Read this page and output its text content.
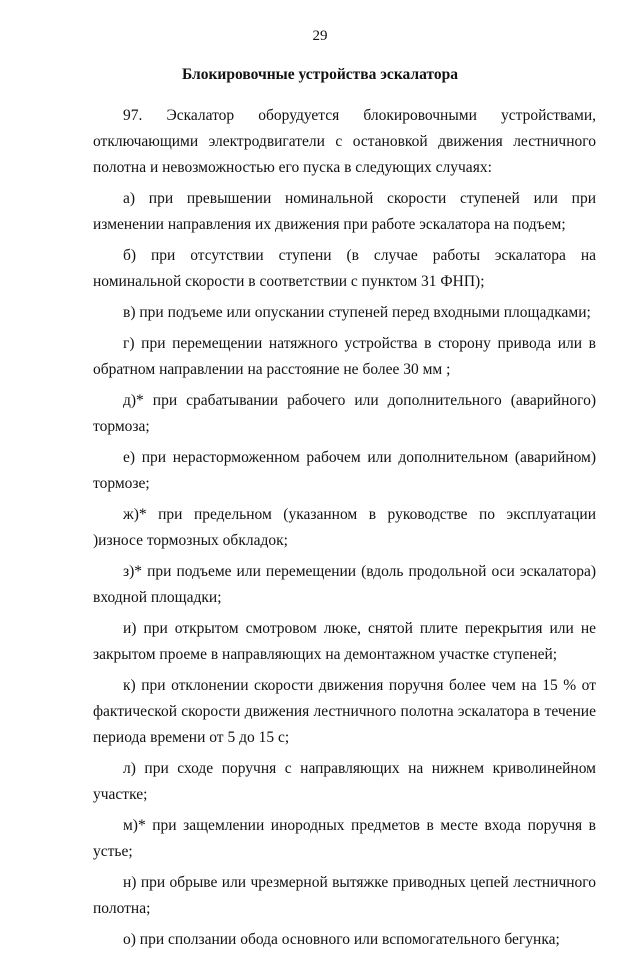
29
Блокировочные устройства эскалатора

97. Эскалатор оборудуется блокировочными устройствами, отключающими электродвигатели с остановкой движения лестничного полотна и невозможностью его пуска в следующих случаях:

а) при превышении номинальной скорости ступеней или при изменении направления их движения при работе эскалатора на подъем;

б) при отсутствии ступени (в случае работы эскалатора на номинальной скорости в соответствии с пунктом 31 ФНП);

в) при подъеме или опускании ступеней перед входными площадками;

г) при перемещении натяжного устройства в сторону привода или в обратном направлении на расстояние не более 30 мм ;

д)* при срабатывании рабочего или дополнительного (аварийного) тормоза;

е) при нерасторможенном рабочем или дополнительном (аварийном) тормозе;

ж)* при предельном (указанном в руководстве по эксплуатации )износе тормозных обкладок;

з)* при подъеме или перемещении (вдоль продольной оси эскалатора) входной площадки;

и) при открытом смотровом люке, снятой плите перекрытия или не закрытом проеме в направляющих на демонтажном участке ступеней;

к) при отклонении скорости движения поручня более чем на 15 % от фактической скорости движения лестничного полотна эскалатора в течение периода времени от 5 до 15 с;

л) при сходе поручня с направляющих на нижнем криволинейном участке;

м)* при защемлении инородных предметов в месте входа поручня в устье;

н) при обрыве или чрезмерной вытяжке приводных цепей лестничного полотна;

о) при сползании обода основного или вспомогательного бегунка;
